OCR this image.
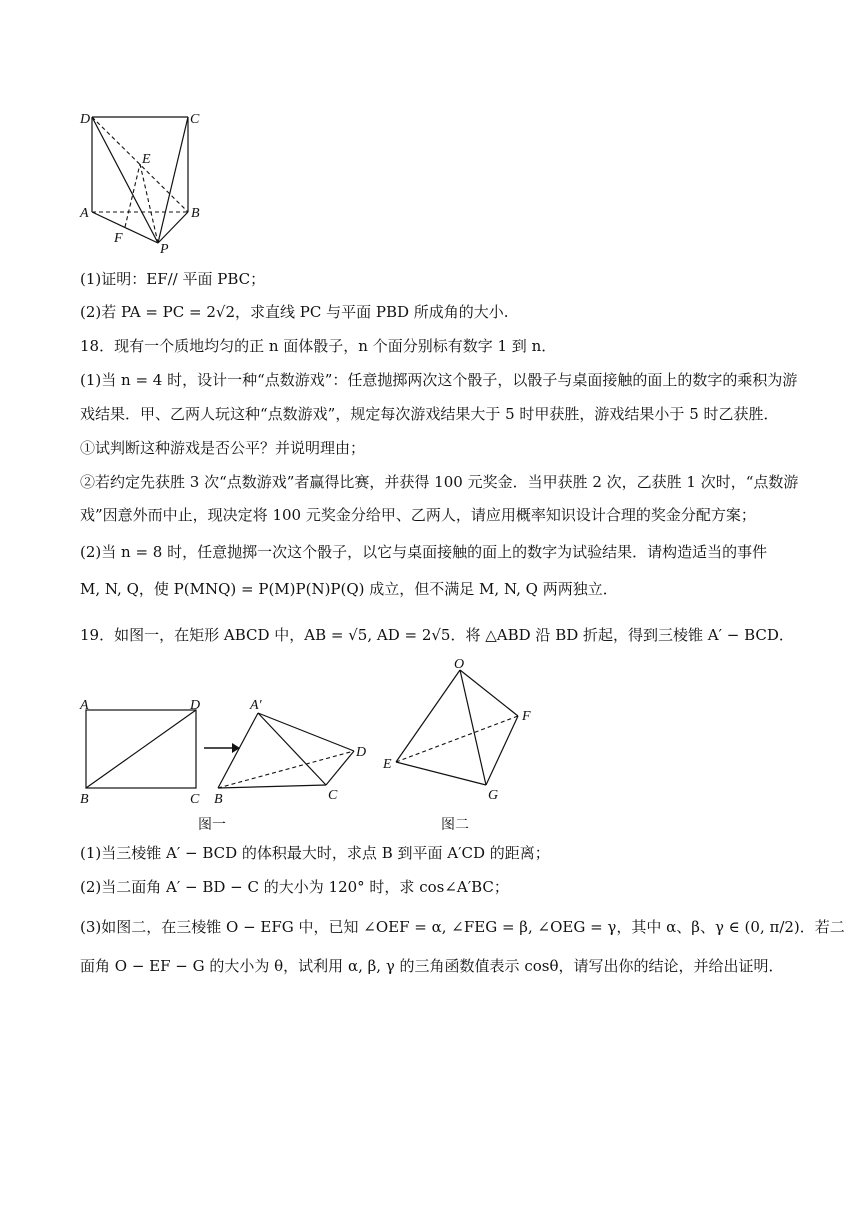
D	C
E
A	B
F
P
(1)证明：EF// 平面 PBC；
(2)若 PA = PC = 2√2，求直线 PC 与平面 PBD 所成角的大小.
18．现有一个质地均匀的正 n 面体骰子，n 个面分别标有数字 1 到 n．
(1)当 n = 4 时，设计一种“点数游戏”：任意抛掷两次这个骰子，以骰子与桌面接触的面上的数字的乘积为游
戏结果．甲、乙两人玩这种“点数游戏”，规定每次游戏结果大于 5 时甲获胜，游戏结果小于 5 时乙获胜．
①试判断这种游戏是否公平？并说明理由；
②若约定先获胜 3 次“点数游戏”者赢得比赛，并获得 100 元奖金．当甲获胜 2 次，乙获胜 1 次时，“点数游
戏”因意外而中止，现决定将 100 元奖金分给甲、乙两人，请应用概率知识设计合理的奖金分配方案；
(2)当 n = 8 时，任意抛掷一次这个骰子，以它与桌面接触的面上的数字为试验结果．请构造适当的事件
M, N, Q，使 P(MNQ) = P(M)P(N)P(Q) 成立，但不满足 M, N, Q 两两独立．
19．如图一，在矩形 ABCD 中，AB = √5, AD = 2√5．将 △ABD 沿 BD 折起，得到三棱锥 A′ − BCD．
A	D
B	C
A′
D
B	C
O
F
E
G
图一	图二
(1)当三棱锥 A′ − BCD 的体积最大时，求点 B 到平面 A′CD 的距离；
(2)当二面角 A′ − BD − C 的大小为 120° 时，求 cos∠A′BC；
(3)如图二，在三棱锥 O − EFG 中，已知 ∠OEF = α, ∠FEG = β, ∠OEG = γ，其中 α、β、γ ∈ (0, π/2)．若二
面角 O − EF − G 的大小为 θ，试利用 α, β, γ 的三角函数值表示 cosθ，请写出你的结论，并给出证明．
